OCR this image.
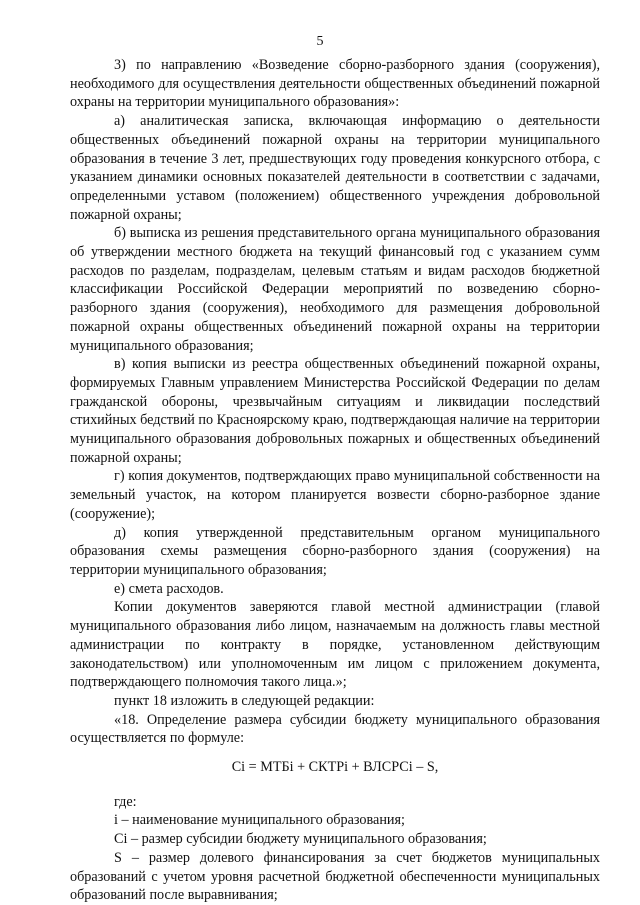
5

3) по направлению «Возведение сборно-разборного здания (сооружения), необходимого для осуществления деятельности общественных объединений пожарной охраны на территории муниципального образования»:

а) аналитическая записка, включающая информацию о деятельности общественных объединений пожарной охраны на территории муниципального образования в течение 3 лет, предшествующих году проведения конкурсного отбора, с указанием динамики основных показателей деятельности в соответствии с задачами, определенными уставом (положением) общественного учреждения добровольной пожарной охраны;

б) выписка из решения представительного органа муниципального образования об утверждении местного бюджета на текущий финансовый год с указанием сумм расходов по разделам, подразделам, целевым статьям и видам расходов бюджетной классификации Российской Федерации мероприятий по возведению сборно-разборного здания (сооружения), необходимого для размещения добровольной пожарной охраны общественных объединений пожарной охраны на территории муниципального образования;

в) копия выписки из реестра общественных объединений пожарной охраны, формируемых Главным управлением Министерства Российской Федерации по делам гражданской обороны, чрезвычайным ситуациям и ликвидации последствий стихийных бедствий по Красноярскому краю, подтверждающая наличие на территории муниципального образования добровольных пожарных и общественных объединений пожарной охраны;

г) копия документов, подтверждающих право муниципальной собственности на земельный участок, на котором планируется возвести сборно-разборное здание (сооружение);

д) копия утвержденной представительным органом муниципального образования схемы размещения сборно-разборного здания (сооружения) на территории муниципального образования;

е) смета расходов.

Копии документов заверяются главой местной администрации (главой муниципального образования либо лицом, назначаемым на должность главы местной администрации по контракту в порядке, установленном действующим законодательством) или уполномоченным им лицом с приложением документа, подтверждающего полномочия такого лица.»;

пункт 18 изложить в следующей редакции:

«18. Определение размера субсидии бюджету муниципального образования осуществляется по формуле:

Ci = МТБi + СКТРi + ВЛСРСi – S,

где:

i – наименование муниципального образования;

Ci – размер субсидии бюджету муниципального образования;

S – размер долевого финансирования за счет бюджетов муниципальных образований с учетом уровня расчетной бюджетной обеспеченности муниципальных образований после выравнивания;
